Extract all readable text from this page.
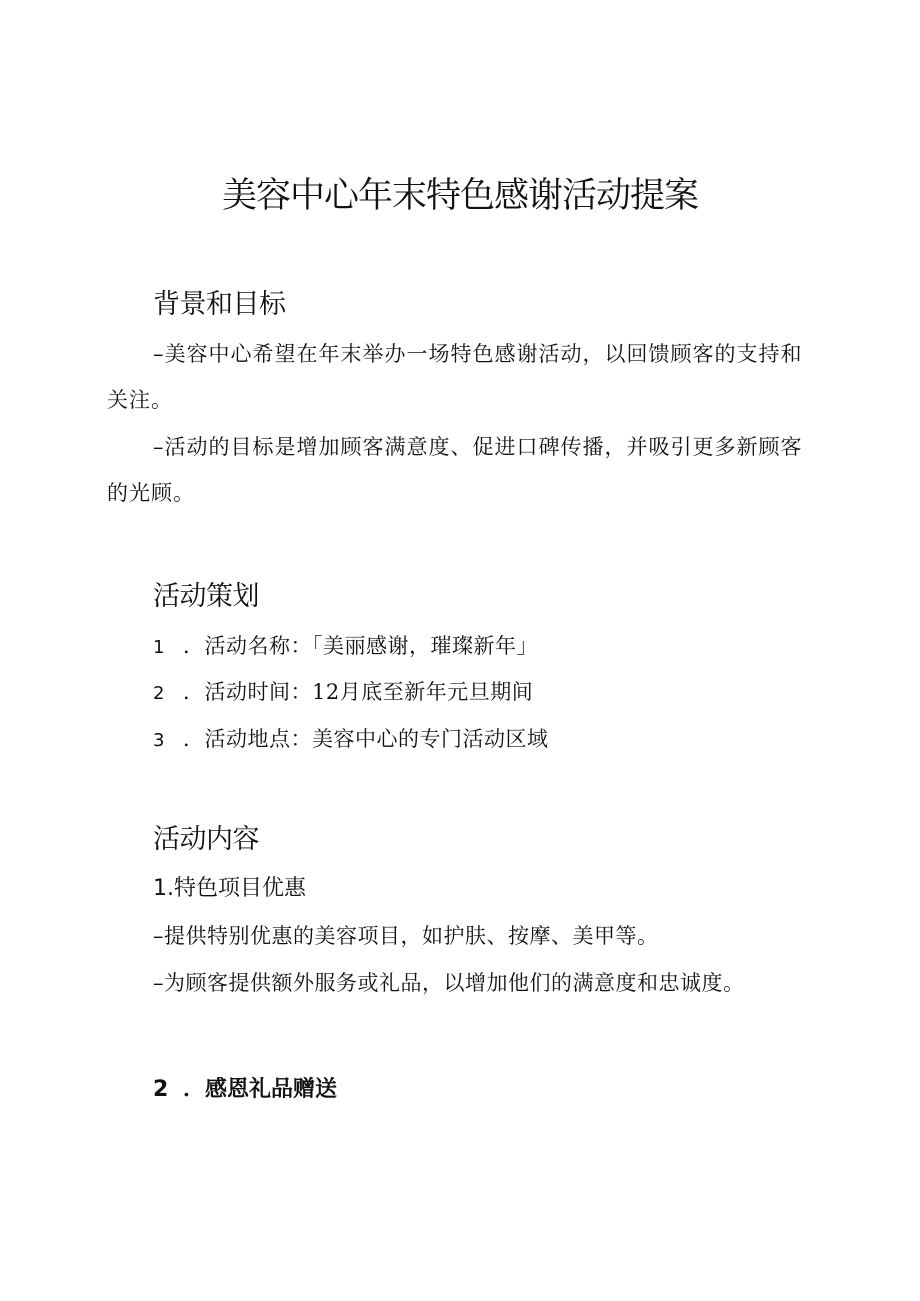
美容中心年末特色感谢活动提案
背景和目标

–美容中心希望在年末举办一场特色感谢活动，以回馈顾客的支持和关注。

–活动的目标是增加顾客满意度、促进口碑传播，并吸引更多新顾客的光顾。

活动策划
1 ．活动名称：「美丽感谢，璀璨新年」
2 ．活动时间：12月底至新年元旦期间
3 ．活动地点：美容中心的专门活动区域
活动内容
1.特色项目优惠
–提供特别优惠的美容项目，如护肤、按摩、美甲等。
–为顾客提供额外服务或礼品，以增加他们的满意度和忠诚度。
2 ．感恩礼品赠送
